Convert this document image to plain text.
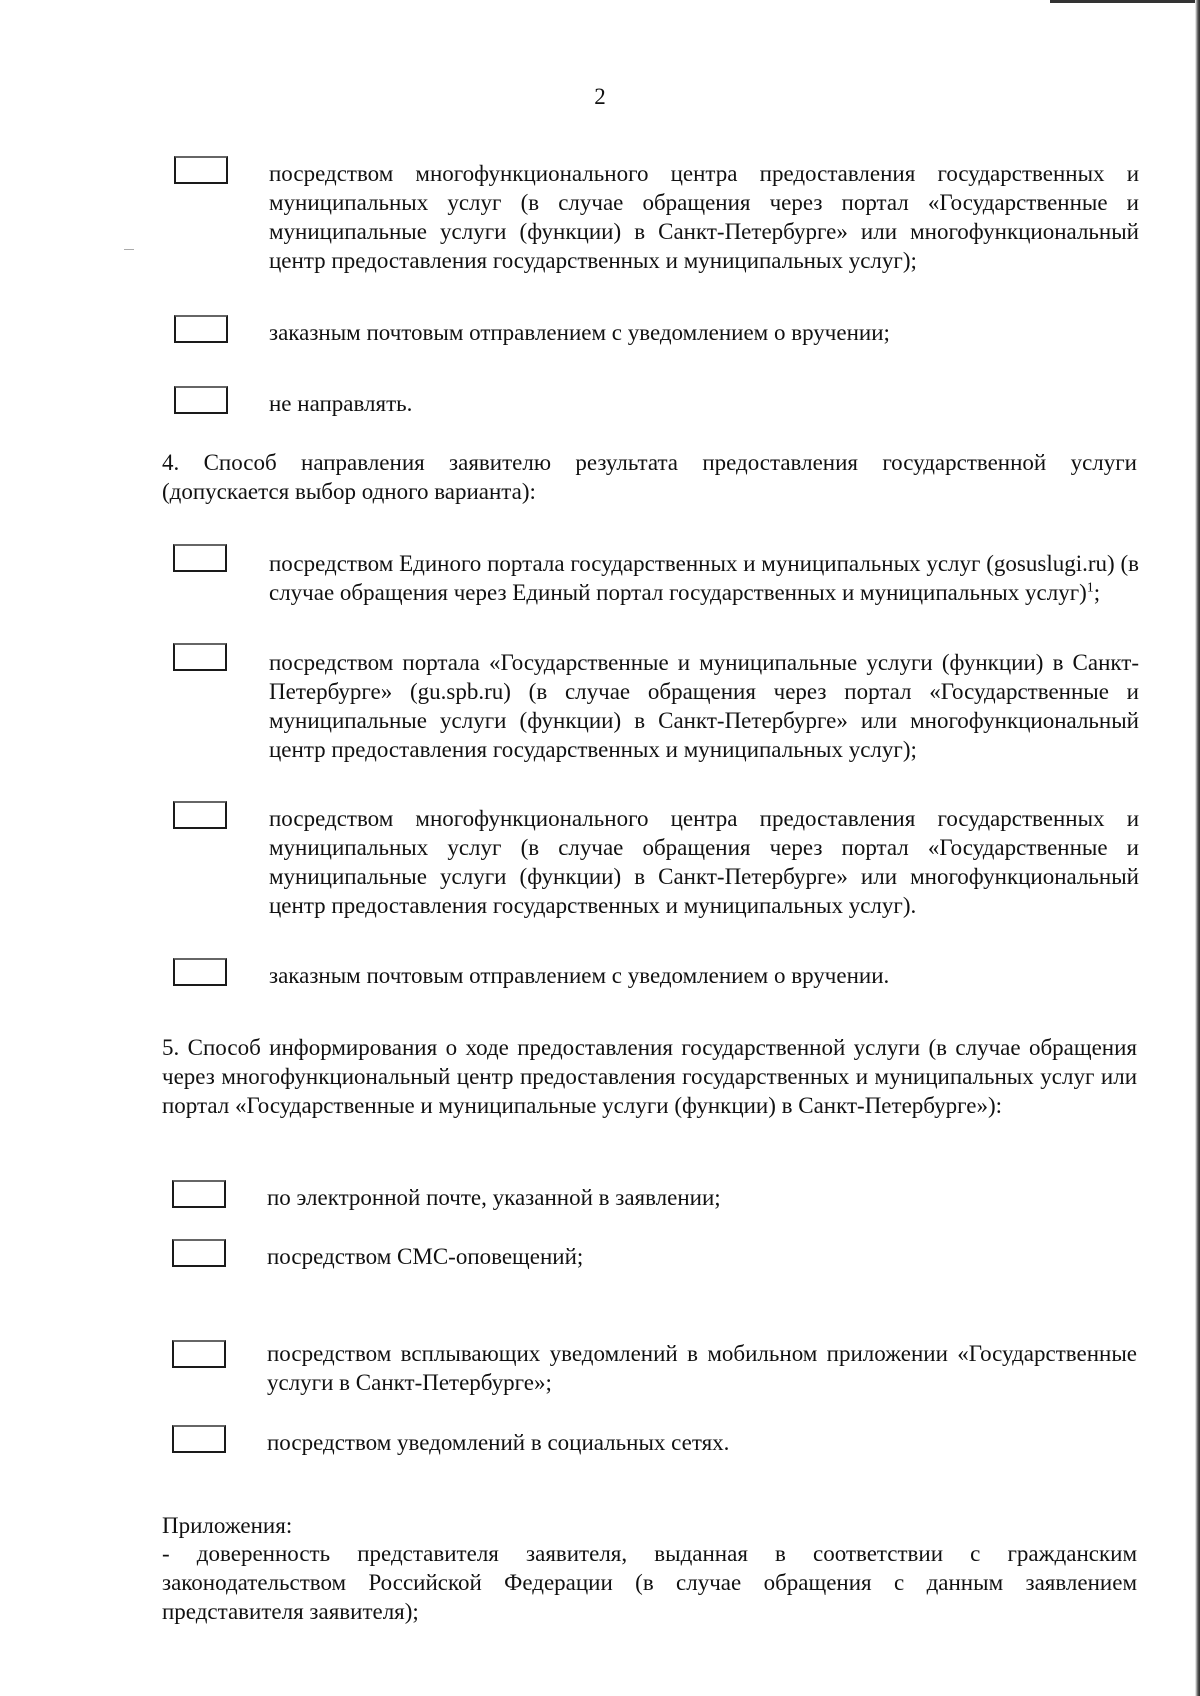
2
посредством многофункционального центра предоставления государственных и муниципальных услуг (в случае обращения через портал «Государственные и муниципальные услуги (функции) в Санкт-Петербурге» или многофункциональный центр предоставления государственных и муниципальных услуг);
заказным почтовым отправлением с уведомлением о вручении;
не направлять.
4. Способ направления заявителю результата предоставления государственной услуги (допускается выбор одного варианта):
посредством Единого портала государственных и муниципальных услуг (gosuslugi.ru) (в случае обращения через Единый портал государственных и муниципальных услуг)$^1$;
посредством портала «Государственные и муниципальные услуги (функции) в Санкт-Петербурге» (gu.spb.ru) (в случае обращения через портал «Государственные и муниципальные услуги (функции) в Санкт-Петербурге» или многофункциональный центр предоставления государственных и муниципальных услуг);
посредством многофункционального центра предоставления государственных и муниципальных услуг (в случае обращения через портал «Государственные и муниципальные услуги (функции) в Санкт-Петербурге» или многофункциональный центр предоставления государственных и муниципальных услуг).
заказным почтовым отправлением с уведомлением о вручении.
5. Способ информирования о ходе предоставления государственной услуги (в случае обращения через многофункциональный центр предоставления государственных и муниципальных услуг или портал «Государственные и муниципальные услуги (функции) в Санкт-Петербурге»):
по электронной почте, указанной в заявлении;
посредством СМС-оповещений;
посредством всплывающих уведомлений в мобильном приложении «Государственные услуги в Санкт-Петербурге»;
посредством уведомлений в социальных сетях.
Приложения:
- доверенность представителя заявителя, выданная в соответствии с гражданским законодательством Российской Федерации (в случае обращения с данным заявлением представителя заявителя);
